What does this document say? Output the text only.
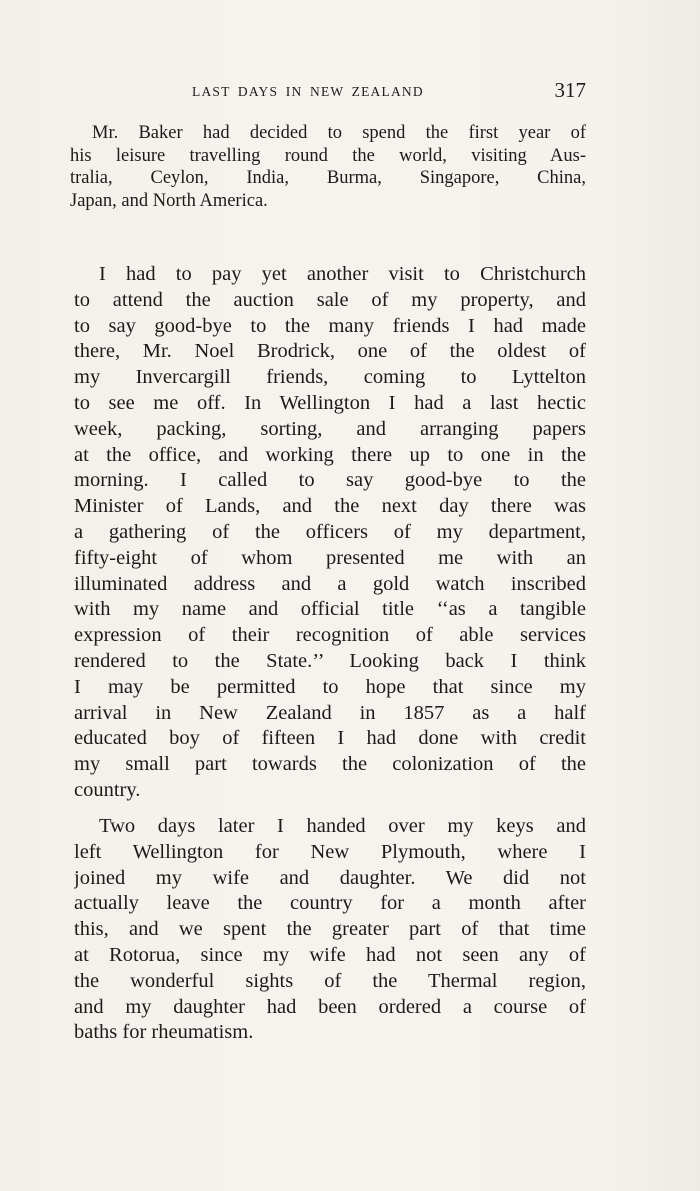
LAST DAYS IN NEW ZEALAND	317
Mr. Baker had decided to spend the first year of
his leisure travelling round the world, visiting Aus-
tralia, Ceylon, India, Burma, Singapore, China,
Japan, and North America.
I had to pay yet another visit to Christchurch
to attend the auction sale of my property, and
to say good-bye to the many friends I had made
there, Mr. Noel Brodrick, one of the oldest of
my Invercargill friends, coming to Lyttelton
to see me off. In Wellington I had a last hectic
week, packing, sorting, and arranging papers
at the office, and working there up to one in the
morning. I called to say good-bye to the
Minister of Lands, and the next day there was
a gathering of the officers of my department,
fifty-eight of whom presented me with an
illuminated address and a gold watch inscribed
with my name and official title ‘‘as a tangible
expression of their recognition of able services
rendered to the State.’’ Looking back I think
I may be permitted to hope that since my
arrival in New Zealand in 1857 as a half
educated boy of fifteen I had done with credit
my small part towards the colonization of the
country.
Two days later I handed over my keys and
left Wellington for New Plymouth, where I
joined my wife and daughter. We did not
actually leave the country for a month after
this, and we spent the greater part of that time
at Rotorua, since my wife had not seen any of
the wonderful sights of the Thermal region,
and my daughter had been ordered a course of
baths for rheumatism.
